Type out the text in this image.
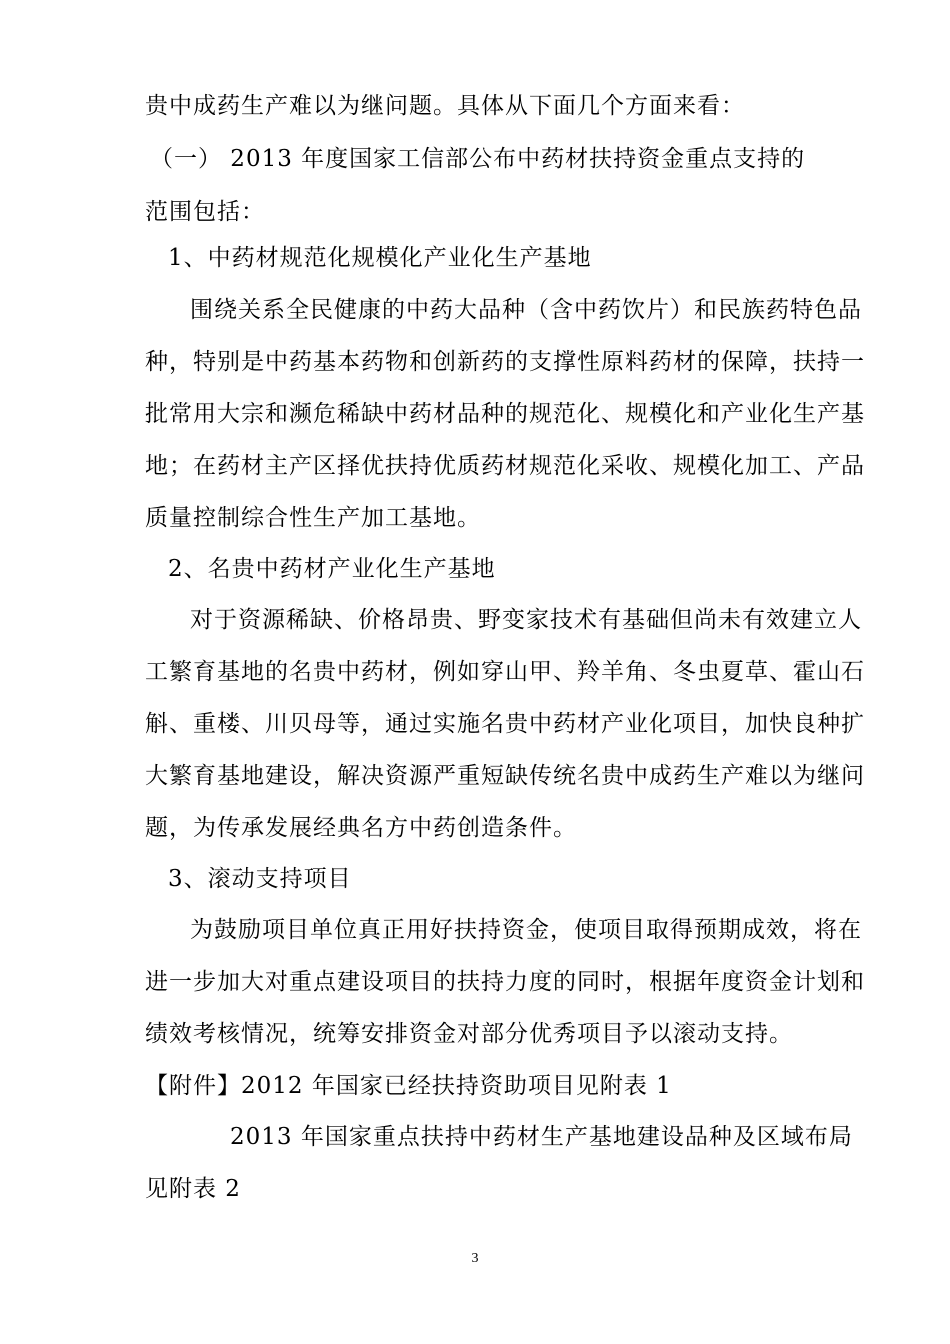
贵中成药生产难以为继问题。具体从下面几个方面来看：
（一） 2013 年度国家工信部公布中药材扶持资金重点支持的
范围包括：
1、中药材规范化规模化产业化生产基地
围绕关系全民健康的中药大品种（含中药饮片）和民族药特色品
种，特别是中药基本药物和创新药的支撑性原料药材的保障，扶持一
批常用大宗和濒危稀缺中药材品种的规范化、规模化和产业化生产基
地；在药材主产区择优扶持优质药材规范化采收、规模化加工、产品
质量控制综合性生产加工基地。
2、名贵中药材产业化生产基地
对于资源稀缺、价格昂贵、野变家技术有基础但尚未有效建立人
工繁育基地的名贵中药材，例如穿山甲、羚羊角、冬虫夏草、霍山石
斛、重楼、川贝母等，通过实施名贵中药材产业化项目，加快良种扩
大繁育基地建设，解决资源严重短缺传统名贵中成药生产难以为继问
题，为传承发展经典名方中药创造条件。
3、滚动支持项目
为鼓励项目单位真正用好扶持资金，使项目取得预期成效，将在
进一步加大对重点建设项目的扶持力度的同时，根据年度资金计划和
绩效考核情况，统筹安排资金对部分优秀项目予以滚动支持。
【附件】2012 年国家已经扶持资助项目见附表 1
2013 年国家重点扶持中药材生产基地建设品种及区域布局
见附表 2
3
